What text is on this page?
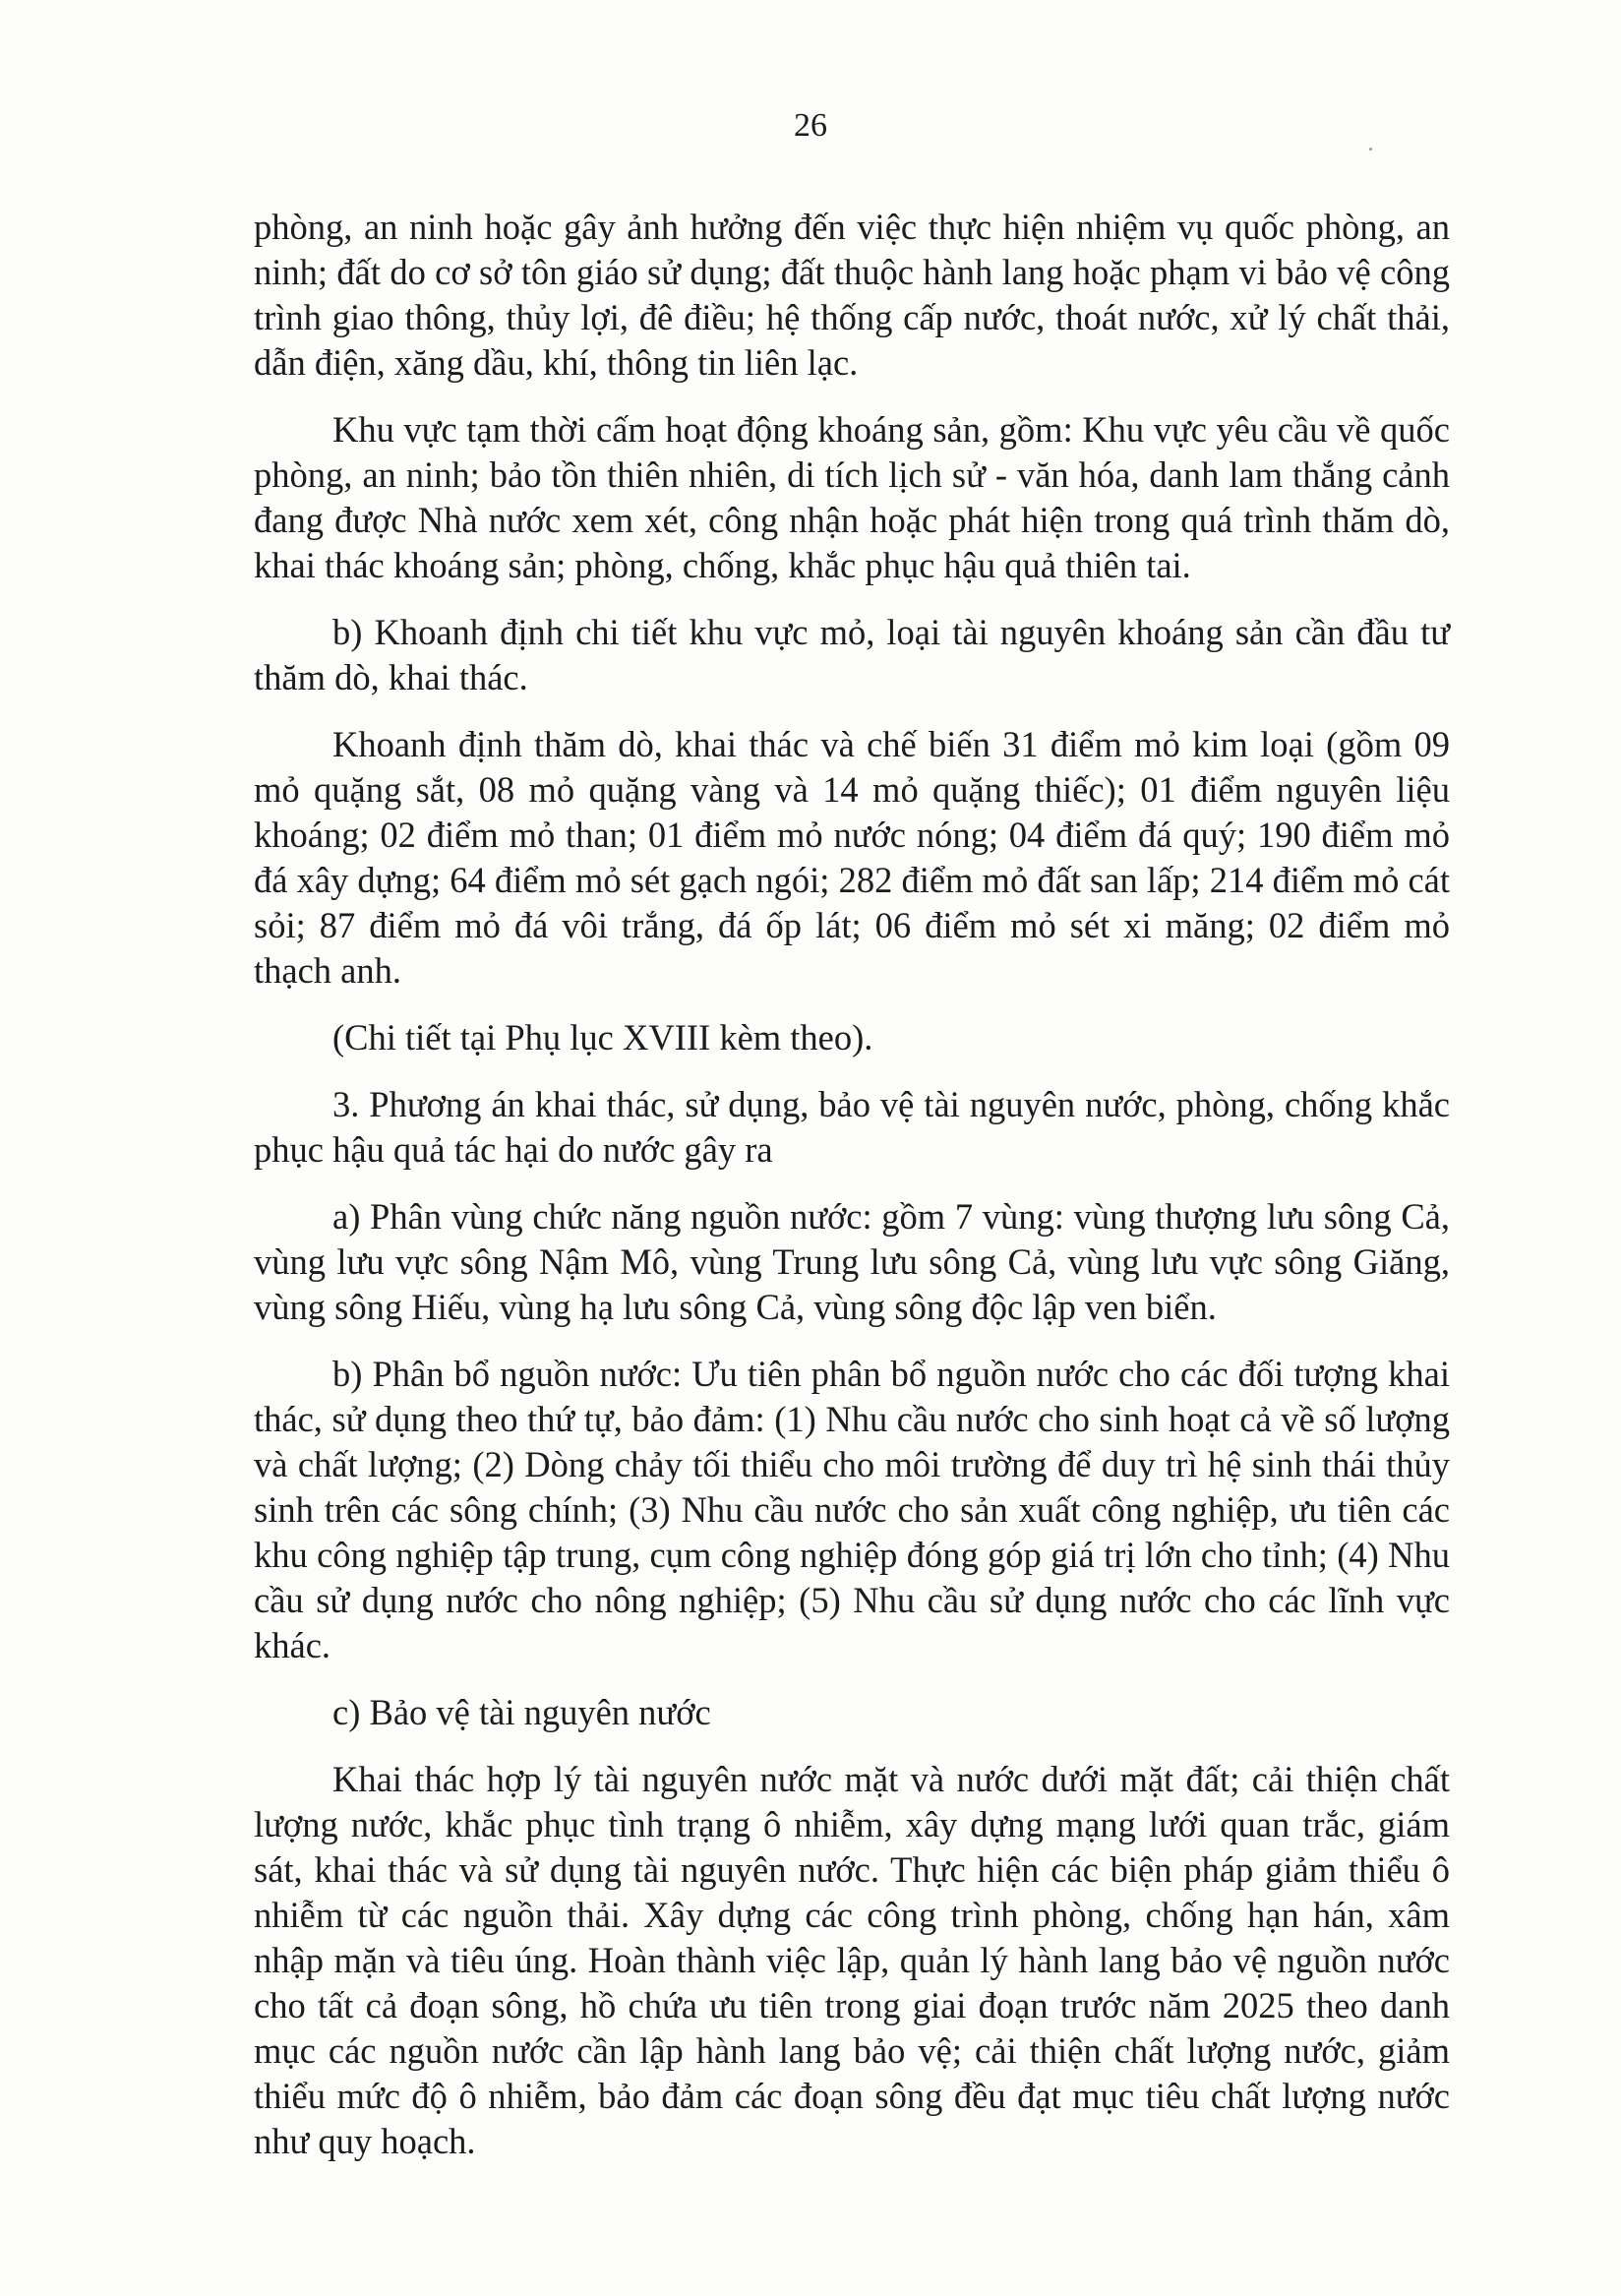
26

phòng, an ninh hoặc gây ảnh hưởng đến việc thực hiện nhiệm vụ quốc phòng, an ninh; đất do cơ sở tôn giáo sử dụng; đất thuộc hành lang hoặc phạm vi bảo vệ công trình giao thông, thủy lợi, đê điều; hệ thống cấp nước, thoát nước, xử lý chất thải, dẫn điện, xăng dầu, khí, thông tin liên lạc.

Khu vực tạm thời cấm hoạt động khoáng sản, gồm: Khu vực yêu cầu về quốc phòng, an ninh; bảo tồn thiên nhiên, di tích lịch sử - văn hóa, danh lam thắng cảnh đang được Nhà nước xem xét, công nhận hoặc phát hiện trong quá trình thăm dò, khai thác khoáng sản; phòng, chống, khắc phục hậu quả thiên tai.

b) Khoanh định chi tiết khu vực mỏ, loại tài nguyên khoáng sản cần đầu tư thăm dò, khai thác.

Khoanh định thăm dò, khai thác và chế biến 31 điểm mỏ kim loại (gồm 09 mỏ quặng sắt, 08 mỏ quặng vàng và 14 mỏ quặng thiếc); 01 điểm nguyên liệu khoáng; 02 điểm mỏ than; 01 điểm mỏ nước nóng; 04 điểm đá quý; 190 điểm mỏ đá xây dựng; 64 điểm mỏ sét gạch ngói; 282 điểm mỏ đất san lấp; 214 điểm mỏ cát sỏi; 87 điểm mỏ đá vôi trắng, đá ốp lát; 06 điểm mỏ sét xi măng; 02 điểm mỏ thạch anh.

(Chi tiết tại Phụ lục XVIII kèm theo).

3. Phương án khai thác, sử dụng, bảo vệ tài nguyên nước, phòng, chống khắc phục hậu quả tác hại do nước gây ra

a) Phân vùng chức năng nguồn nước: gồm 7 vùng: vùng thượng lưu sông Cả, vùng lưu vực sông Nậm Mô, vùng Trung lưu sông Cả, vùng lưu vực sông Giăng, vùng sông Hiếu, vùng hạ lưu sông Cả, vùng sông độc lập ven biển.

b) Phân bổ nguồn nước: Ưu tiên phân bổ nguồn nước cho các đối tượng khai thác, sử dụng theo thứ tự, bảo đảm: (1) Nhu cầu nước cho sinh hoạt cả về số lượng và chất lượng; (2) Dòng chảy tối thiểu cho môi trường để duy trì hệ sinh thái thủy sinh trên các sông chính; (3) Nhu cầu nước cho sản xuất công nghiệp, ưu tiên các khu công nghiệp tập trung, cụm công nghiệp đóng góp giá trị lớn cho tỉnh; (4) Nhu cầu sử dụng nước cho nông nghiệp; (5) Nhu cầu sử dụng nước cho các lĩnh vực khác.

c) Bảo vệ tài nguyên nước

Khai thác hợp lý tài nguyên nước mặt và nước dưới mặt đất; cải thiện chất lượng nước, khắc phục tình trạng ô nhiễm, xây dựng mạng lưới quan trắc, giám sát, khai thác và sử dụng tài nguyên nước. Thực hiện các biện pháp giảm thiểu ô nhiễm từ các nguồn thải. Xây dựng các công trình phòng, chống hạn hán, xâm nhập mặn và tiêu úng. Hoàn thành việc lập, quản lý hành lang bảo vệ nguồn nước cho tất cả đoạn sông, hồ chứa ưu tiên trong giai đoạn trước năm 2025 theo danh mục các nguồn nước cần lập hành lang bảo vệ; cải thiện chất lượng nước, giảm thiểu mức độ ô nhiễm, bảo đảm các đoạn sông đều đạt mục tiêu chất lượng nước như quy hoạch.
